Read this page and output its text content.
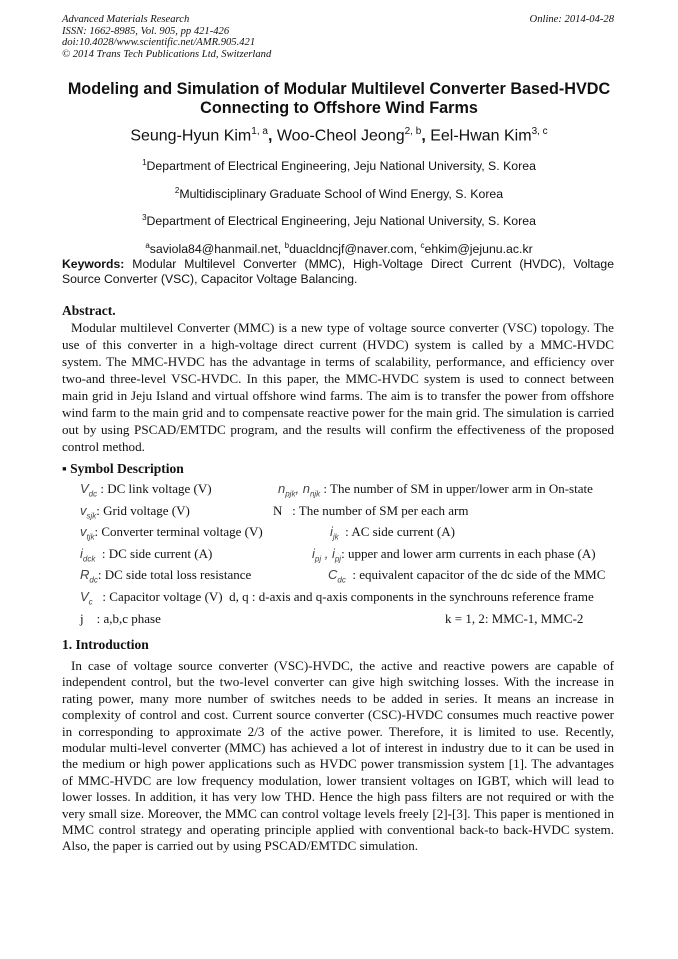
Advanced Materials Research
ISSN: 1662-8985, Vol. 905, pp 421-426
doi:10.4028/www.scientific.net/AMR.905.421
© 2014 Trans Tech Publications Ltd, Switzerland
Online: 2014-04-28
Modeling and Simulation of Modular Multilevel Converter Based-HVDC Connecting to Offshore Wind Farms
Seung-Hyun Kim$^{1, a}$, Woo-Cheol Jeong$^{2, b}$, Eel-Hwan Kim$^{3, c}$
$^1$Department of Electrical Engineering, Jeju National University, S. Korea
$^2$Multidisciplinary Graduate School of Wind Energy, S. Korea
$^3$Department of Electrical Engineering, Jeju National University, S. Korea
$^a$saviola84@hanmail.net, $^b$duacldncjf@naver.com, $^c$ehkim@jejunu.ac.kr
Keywords: Modular Multilevel Converter (MMC), High-Voltage Direct Current (HVDC), Voltage Source Converter (VSC), Capacitor Voltage Balancing.
Abstract.
Modular multilevel Converter (MMC) is a new type of voltage source converter (VSC) topology. The use of this converter in a high-voltage direct current (HVDC) system is called by a MMC-HVDC system. The MMC-HVDC has the advantage in terms of scalability, performance, and efficiency over two-and three-level VSC-HVDC. In this paper, the MMC-HVDC system is used to connect between main grid in Jeju Island and virtual offshore wind farms. The aim is to transfer the power from offshore wind farm to the main grid and to compensate reactive power for the main grid. The simulation is carried out by using PSCAD/EMTDC program, and the results will confirm the effectiveness of the proposed control method.
▪ Symbol Description
$V_{dc}$ : DC link voltage (V)	$n_{pjk}$, $n_{njk}$ : The number of SM in upper/lower arm in On-state
$v_{sjk}$: Grid voltage (V)	N   : The number of SM per each arm
$v_{tjk}$: Converter terminal voltage (V)	$i_{jk}$  : AC side current (A)
$i_{dck}$  : DC side current (A)	$i_{pj}$ , $i_{pj}$: upper and lower arm currents in each phase (A)
$R_{dc}$: DC side total loss resistance	$C_{dc}$  : equivalent capacitor of the dc side of the MMC
$V_c$   : Capacitor voltage (V)  d, q : d-axis and q-axis components in the synchrouns reference frame
j    : a,b,c phase	k = 1, 2: MMC-1, MMC-2
1. Introduction
In case of voltage source converter (VSC)-HVDC, the active and reactive powers are capable of independent control, but the two-level converter can give high switching losses. With the increase in rating power, many more number of switches needs to be added in series. It means an increase in complexity of control and cost. Current source converter (CSC)-HVDC consumes much reactive power in corresponding to approximate 2/3 of the active power. Therefore, it is limited to use. Recently, modular multi-level converter (MMC) has achieved a lot of interest in industry due to it can be used in the medium or high power applications such as HVDC power transmission system [1]. The advantages of MMC-HVDC are low frequency modulation, lower transient voltages on IGBT, which will lead to lower losses. In addition, it has very low THD. Hence the high pass filters are not required or with the very small size. Moreover, the MMC can control voltage levels freely [2]-[3]. This paper is mentioned in MMC control strategy and operating principle applied with conventional back-to back-HVDC system. Also, the paper is carried out by using PSCAD/EMTDC simulation.
